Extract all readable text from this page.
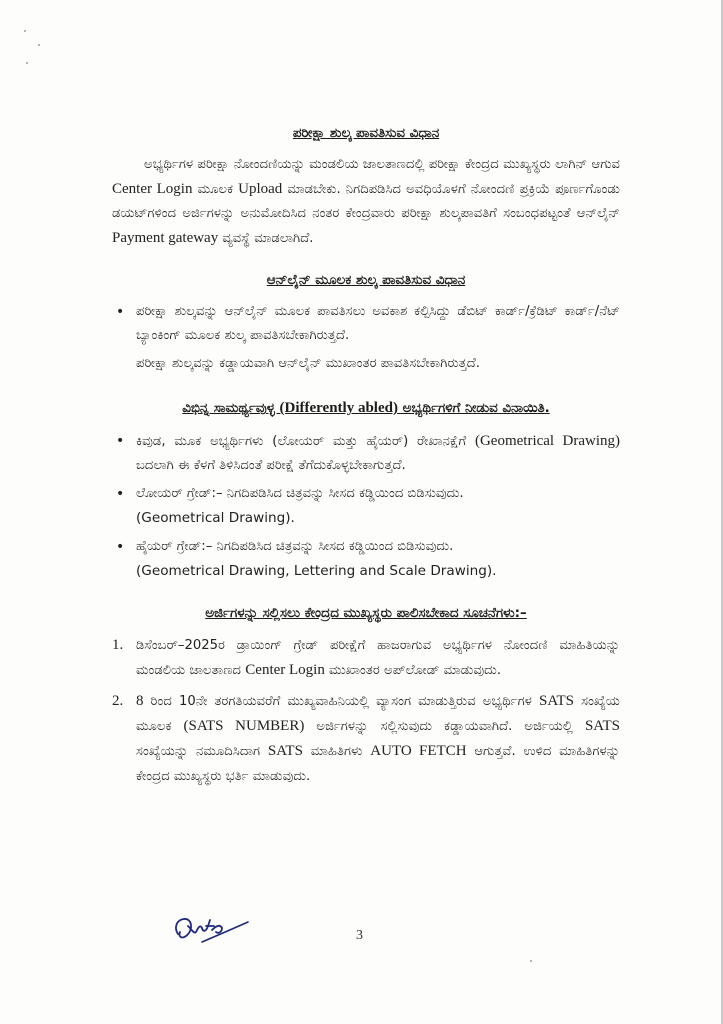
ಪರೀಕ್ಷಾ ಶುಲ್ಕ ಪಾವತಿಸುವ ವಿಧಾನ

ಅಭ್ಯರ್ಥಿಗಳ ಪರೀಕ್ಷಾ ನೋಂದಣಿಯನ್ನು ಮಂಡಲಿಯ ಜಾಲತಾಣದಲ್ಲಿ ಪರೀಕ್ಷಾ ಕೇಂದ್ರದ ಮುಖ್ಯಸ್ಥರು ಲಾಗಿನ್ ಆಗುವ Center Login ಮೂಲಕ Upload ಮಾಡಬೇಕು. ನಿಗದಿಪಡಿಸಿದ ಅವಧಿಯೊಳಗೆ ನೋಂದಣಿ ಪ್ರಕ್ರಿಯೆ ಪೂರ್ಣಗೊಂಡು ಡಯಟ್‌ಗಳಿಂದ ಅರ್ಜಿಗಳನ್ನು ಅನುಮೋದಿಸಿದ ನಂತರ ಕೇಂದ್ರವಾರು ಪರೀಕ್ಷಾ ಶುಲ್ಕಪಾವತಿಗೆ ಸಂಬಂಧಪಟ್ಟಂತೆ ಆನ್‌ಲೈನ್ Payment gateway ವ್ಯವಸ್ಥೆ ಮಾಡಲಾಗಿದೆ.

ಆನ್‌ಲೈನ್ ಮೂಲಕ ಶುಲ್ಕ ಪಾವತಿಸುವ ವಿಧಾನ
• ಪರೀಕ್ಷಾ ಶುಲ್ಕವನ್ನು ಆನ್‌ಲೈನ್ ಮೂಲಕ ಪಾವತಿಸಲು ಅವಕಾಶ ಕಲ್ಪಿಸಿದ್ದು ಡೆಬಿಟ್ ಕಾರ್ಡ್/ಕ್ರೆಡಿಟ್ ಕಾರ್ಡ್/ನೆಟ್ ಬ್ಯಾಂಕಿಂಗ್ ಮೂಲಕ ಶುಲ್ಕ ಪಾವತಿಸಬೇಕಾಗಿರುತ್ತದೆ.

ಪರೀಕ್ಷಾ ಶುಲ್ಕವನ್ನು ಕಡ್ಡಾಯವಾಗಿ ಆನ್‌ಲೈನ್ ಮುಖಾಂತರ ಪಾವತಿಸಬೇಕಾಗಿರುತ್ತದೆ.

ವಿಭಿನ್ನ ಸಾಮರ್ಥ್ಯವುಳ್ಳ (Differently abled) ಅಭ್ಯರ್ಥಿಗಳಿಗೆ ನೀಡುವ ವಿನಾಯಿತಿ.
• ಕಿವುಡ, ಮೂಕ ಅಭ್ಯರ್ಥಿಗಳು (ಲೋಯರ್ ಮತ್ತು ಹೈಯರ್) ರೇಖಾನಕ್ಷೆಗೆ (Geometrical Drawing) ಬದಲಾಗಿ ಈ ಕೆಳಗೆ ತಿಳಿಸಿದಂತೆ ಪರೀಕ್ಷೆ ತೆಗೆದುಕೊಳ್ಳಬೇಕಾಗುತ್ತದೆ.
• ಲೋಯರ್ ಗ್ರೇಡ್:– ನಿಗದಿಪಡಿಸಿದ ಚಿತ್ರವನ್ನು ಸೀಸದ ಕಡ್ಡಿಯಿಂದ ಬಿಡಿಸುವುದು.
(Geometrical Drawing).
• ಹೈಯರ್ ಗ್ರೇಡ್:– ನಿಗದಿಪಡಿಸಿದ ಚಿತ್ರವನ್ನು ಸೀಸದ ಕಡ್ಡಿಯಿಂದ ಬಿಡಿಸುವುದು.
(Geometrical Drawing, Lettering and Scale Drawing).
ಅರ್ಜಿಗಳನ್ನು ಸಲ್ಲಿಸಲು ಕೇಂದ್ರದ ಮುಖ್ಯಸ್ಥರು ಪಾಲಿಸಬೇಕಾದ ಸೂಚನೆಗಳು:–
1. ಡಿಸೆಂಬರ್–2025ರ ಡ್ರಾಯಿಂಗ್ ಗ್ರೇಡ್ ಪರೀಕ್ಷೆಗೆ ಹಾಜರಾಗುವ ಅಭ್ಯರ್ಥಿಗಳ ನೋಂದಣಿ ಮಾಹಿತಿಯನ್ನು ಮಂಡಲಿಯ ಜಾಲತಾಣದ Center Login ಮುಖಾಂತರ ಅಪ್‌ಲೋಡ್ ಮಾಡುವುದು.
2. 8 ರಿಂದ 10ನೇ ತರಗತಿಯವರೆಗೆ ಮುಖ್ಯವಾಹಿನಿಯಲ್ಲಿ ವ್ಯಾಸಂಗ ಮಾಡುತ್ತಿರುವ ಅಭ್ಯರ್ಥಿಗಳ SATS ಸಂಖ್ಯೆಯ ಮೂಲಕ (SATS NUMBER) ಅರ್ಜಿಗಳನ್ನು ಸಲ್ಲಿಸುವುದು ಕಡ್ಡಾಯವಾಗಿದೆ. ಅರ್ಜಿಯಲ್ಲಿ SATS ಸಂಖ್ಯೆಯನ್ನು ನಮೂದಿಸಿದಾಗ SATS ಮಾಹಿತಿಗಳು AUTO FETCH ಆಗುತ್ತವೆ. ಉಳಿದ ಮಾಹಿತಿಗಳನ್ನು ಕೇಂದ್ರದ ಮುಖ್ಯಸ್ಥರು ಭರ್ತಿ ಮಾಡುವುದು.
3
